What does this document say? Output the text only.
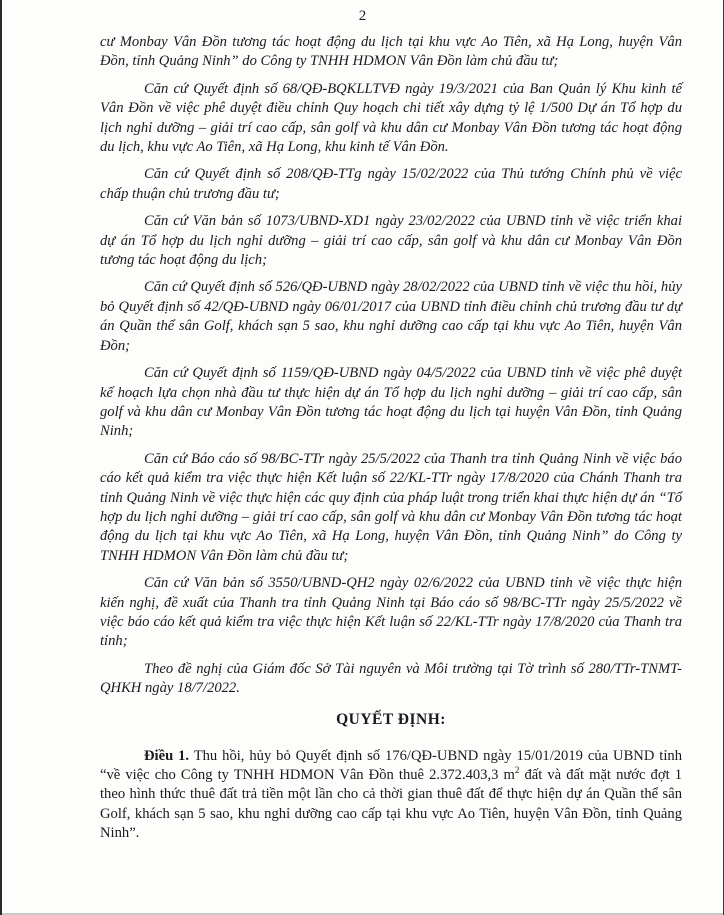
2

cư Monbay Vân Đồn tương tác hoạt động du lịch tại khu vực Ao Tiên, xã Hạ Long, huyện Vân Đồn, tỉnh Quảng Ninh” do Công ty TNHH HDMON Vân Đồn làm chủ đầu tư;

Căn cứ Quyết định số 68/QĐ-BQKLLTVĐ ngày 19/3/2021 của Ban Quản lý Khu kinh tế Vân Đồn về việc phê duyệt điều chỉnh Quy hoạch chi tiết xây dựng tỷ lệ 1/500 Dự án Tổ hợp du lịch nghỉ dưỡng – giải trí cao cấp, sân golf và khu dân cư Monbay Vân Đồn tương tác hoạt động du lịch, khu vực Ao Tiên, xã Hạ Long, khu kinh tế Vân Đồn.

Căn cứ Quyết định số 208/QĐ-TTg ngày 15/02/2022 của Thủ tướng Chính phủ về việc chấp thuận chủ trương đầu tư;

Căn cứ Văn bản số 1073/UBND-XD1 ngày 23/02/2022 của UBND tỉnh về việc triển khai dự án Tổ hợp du lịch nghỉ dưỡng – giải trí cao cấp, sân golf và khu dân cư Monbay Vân Đồn tương tác hoạt động du lịch;

Căn cứ Quyết định số 526/QĐ-UBND ngày 28/02/2022 của UBND tỉnh về việc thu hồi, hủy bỏ Quyết định số 42/QĐ-UBND ngày 06/01/2017 của UBND tỉnh điều chỉnh chủ trương đầu tư dự án Quần thể sân Golf, khách sạn 5 sao, khu nghỉ dưỡng cao cấp tại khu vực Ao Tiên, huyện Vân Đồn;

Căn cứ Quyết định số 1159/QĐ-UBND ngày 04/5/2022 của UBND tỉnh về việc phê duyệt kế hoạch lựa chọn nhà đầu tư thực hiện dự án Tổ hợp du lịch nghỉ dưỡng – giải trí cao cấp, sân golf và khu dân cư Monbay Vân Đồn tương tác hoạt động du lịch tại huyện Vân Đồn, tỉnh Quảng Ninh;

Căn cứ Báo cáo số 98/BC-TTr ngày 25/5/2022 của Thanh tra tỉnh Quảng Ninh về việc báo cáo kết quả kiểm tra việc thực hiện Kết luận số 22/KL-TTr ngày 17/8/2020 của Chánh Thanh tra tỉnh Quảng Ninh về việc thực hiện các quy định của pháp luật trong triển khai thực hiện dự án “Tổ hợp du lịch nghỉ dưỡng – giải trí cao cấp, sân golf và khu dân cư Monbay Vân Đồn tương tác hoạt động du lịch tại khu vực Ao Tiên, xã Hạ Long, huyện Vân Đồn, tỉnh Quảng Ninh” do Công ty TNHH HDMON Vân Đồn làm chủ đầu tư;

Căn cứ Văn bản số 3550/UBND-QH2 ngày 02/6/2022 của UBND tỉnh về việc thực hiện kiến nghị, đề xuất của Thanh tra tỉnh Quảng Ninh tại Báo cáo số 98/BC-TTr ngày 25/5/2022 về việc báo cáo kết quả kiểm tra việc thực hiện Kết luận số 22/KL-TTr ngày 17/8/2020 của Thanh tra tỉnh;

Theo đề nghị của Giám đốc Sở Tài nguyên và Môi trường tại Tờ trình số 280/TTr-TNMT-QHKH ngày 18/7/2022.

QUYẾT ĐỊNH:

Điều 1. Thu hồi, hủy bỏ Quyết định số 176/QĐ-UBND ngày 15/01/2019 của UBND tỉnh “về việc cho Công ty TNHH HDMON Vân Đồn thuê 2.372.403,3 $m^2$ đất và đất mặt nước đợt 1 theo hình thức thuê đất trả tiền một lần cho cả thời gian thuê đất để thực hiện dự án Quần thể sân Golf, khách sạn 5 sao, khu nghỉ dưỡng cao cấp tại khu vực Ao Tiên, huyện Vân Đồn, tỉnh Quảng Ninh”.
